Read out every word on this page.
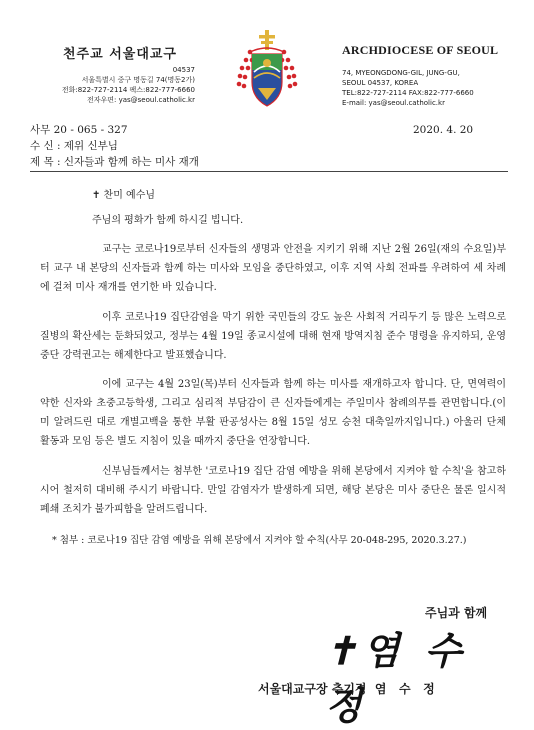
천주교 서울대교구
04537
서울특별시 중구 명동길 74(명동2가)
전화:822-727-2114 팩스:822-777-6660
전자우편: yas@seoul.catholic.kr
ARCHDIOCESE OF SEOUL
74, MYEONGDONG-GIL, JUNG-GU,
SEOUL 04537, KOREA
TEL:822-727-2114 FAX:822-777-6660
E-mail: yas@seoul.catholic.kr
사무 20 - 065 - 327	2020. 4. 20
수 신 : 제위 신부님
제 목 : 신자들과 함께 하는 미사 재개
✝ 찬미 예수님
주님의 평화가 함께 하시길 빕니다.
교구는 코로나19로부터 신자들의 생명과 안전을 지키기 위해 지난 2월 26일(재의 수요일)부터 교구 내 본당의 신자들과 함께 하는 미사와 모임을 중단하였고, 이후 지역 사회 전파를 우려하여 세 차례에 걸쳐 미사 재개를 연기한 바 있습니다.
이후 코로나19 집단감염을 막기 위한 국민들의 강도 높은 사회적 거리두기 등 많은 노력으로 질병의 확산세는 둔화되었고, 정부는 4월 19일 종교시설에 대해 현재 방역지침 준수 명령을 유지하되, 운영중단 강력권고는 해제한다고 발표했습니다.
이에 교구는 4월 23일(목)부터 신자들과 함께 하는 미사를 재개하고자 합니다. 단, 면역력이 약한 신자와 초중고등학생, 그리고 심리적 부담감이 큰 신자들에게는 주일미사 참례의무를 관면합니다.(이미 알려드린 대로 개별고백을 통한 부활 판공성사는 8월 15일 성모 승천 대축일까지입니다.) 아울러 단체 활동과 모임 등은 별도 지침이 있을 때까지 중단을 연장합니다.
신부님들께서는 첨부한 '코로나19 집단 감염 예방을 위해 본당에서 지켜야 할 수칙'을 참고하시어 철저히 대비해 주시기 바랍니다. 만일 감염자가 발생하게 되면, 해당 본당은 미사 중단은 물론 일시적 폐쇄 조치가 불가피함을 알려드립니다.
* 첨부 : 코로나19 집단 감염 예방을 위해 본당에서 지켜야 할 수칙(사무 20-048-295, 2020.3.27.)
주님과 함께
✝염 수 정
서울대교구장 추기경  염   수   정
